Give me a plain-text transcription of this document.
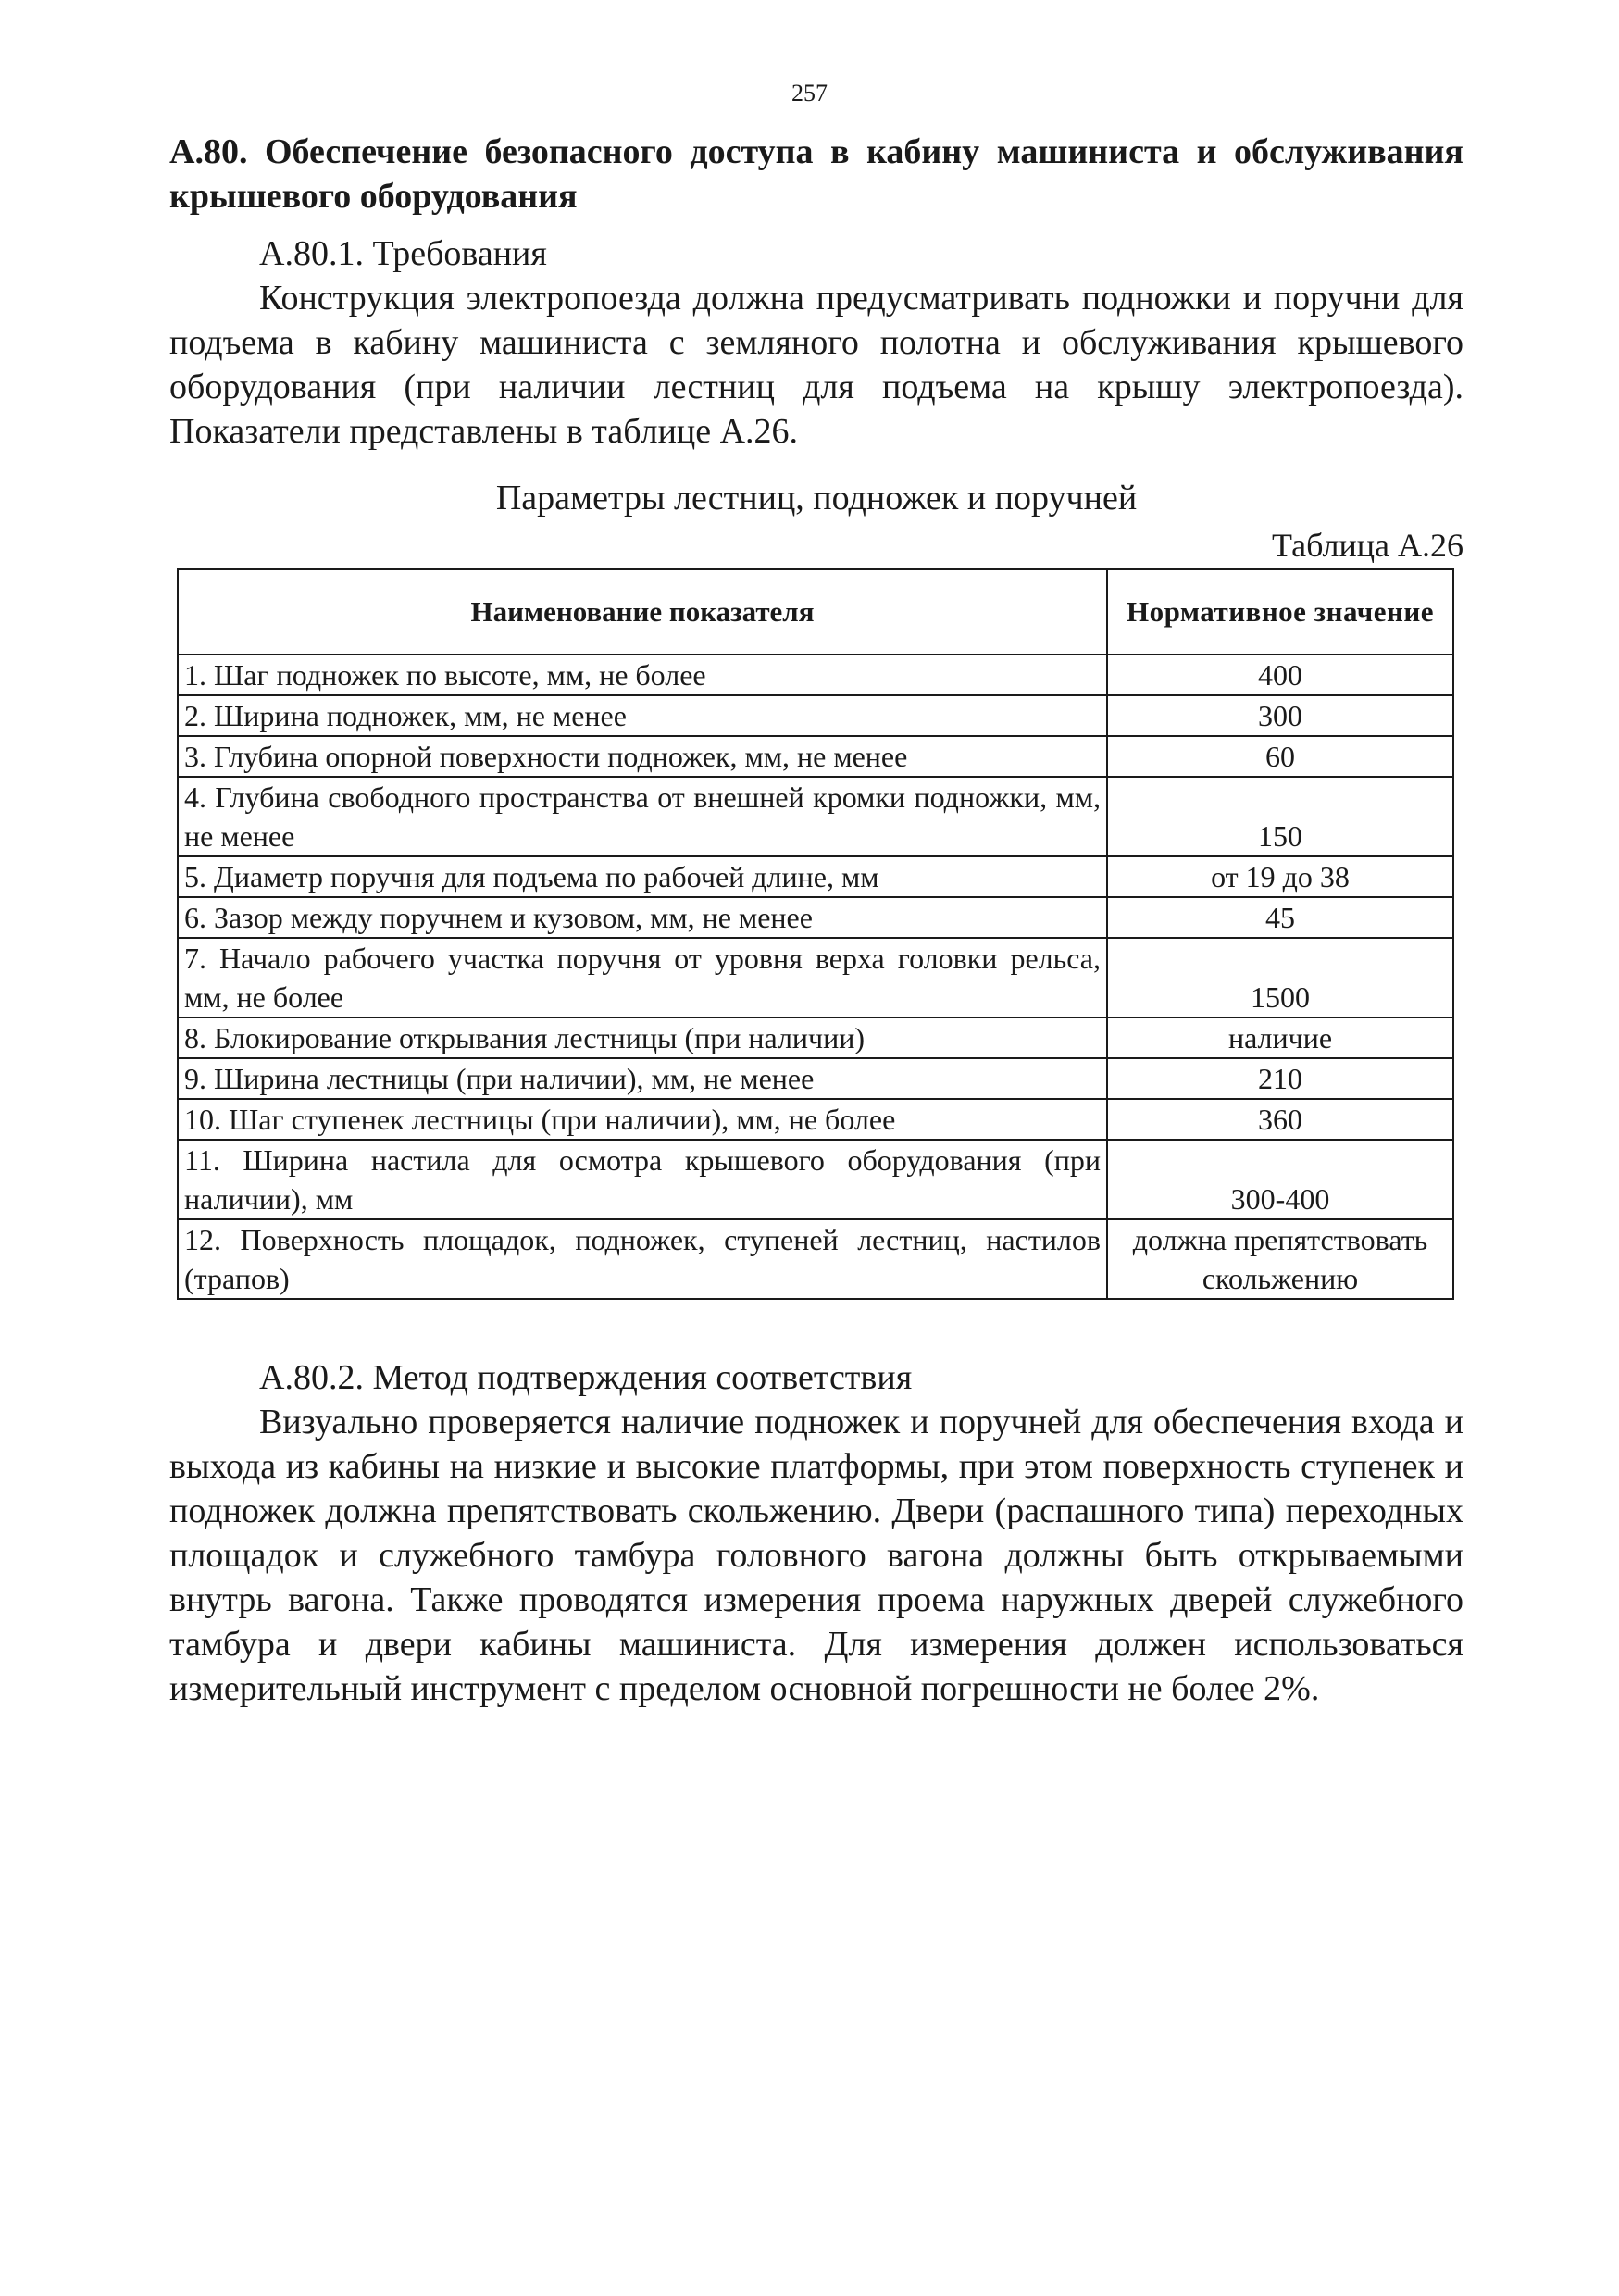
257

А.80. Обеспечение безопасного доступа в кабину машиниста и обслуживания крышевого оборудования

А.80.1. Требования

Конструкция электропоезда должна предусматривать подножки и поручни для подъема в кабину машиниста с земляного полотна и обслуживания крышевого оборудования (при наличии лестниц для подъема на крышу электропоезда). Показатели представлены в таблице А.26.

Параметры лестниц, подножек и поручней
Таблица А.26
Наименование показателя	Нормативное значение
1. Шаг подножек по высоте, мм, не более	400
2. Ширина подножек, мм, не менее	300
3. Глубина опорной поверхности подножек, мм, не менее	60
4. Глубина свободного пространства от внешней кромки подножки, мм, не менее	150
5. Диаметр поручня для подъема по рабочей длине, мм	от 19 до 38
6. Зазор между поручнем и кузовом, мм, не менее	45
7. Начало рабочего участка поручня от уровня верха головки рельса, мм, не более	1500
8. Блокирование открывания лестницы (при наличии)	наличие
9. Ширина лестницы (при наличии), мм, не менее	210
10. Шаг ступенек лестницы (при наличии), мм, не более	360
11. Ширина настила для осмотра крышевого оборудования (при наличии), мм	300-400
12. Поверхность площадок, подножек, ступеней лестниц, настилов (трапов)	должна препятствовать скольжению
А.80.2. Метод подтверждения соответствия

Визуально проверяется наличие подножек и поручней для обеспечения входа и выхода из кабины на низкие и высокие платформы, при этом поверхность ступенек и подножек должна препятствовать скольжению. Двери (распашного типа) переходных площадок и служебного тамбура головного вагона должны быть открываемыми внутрь вагона. Также проводятся измерения проема наружных дверей служебного тамбура и двери кабины машиниста. Для измерения должен использоваться измерительный инструмент с пределом основной погрешности не более 2%.
